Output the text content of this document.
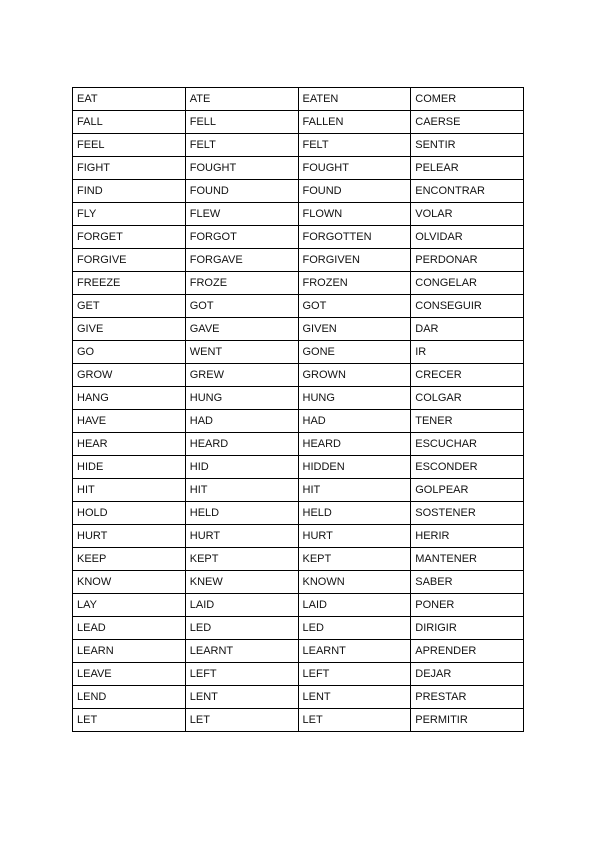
EAT	ATE	EATEN	COMER
FALL	FELL	FALLEN	CAERSE
FEEL	FELT	FELT	SENTIR
FIGHT	FOUGHT	FOUGHT	PELEAR
FIND	FOUND	FOUND	ENCONTRAR
FLY	FLEW	FLOWN	VOLAR
FORGET	FORGOT	FORGOTTEN	OLVIDAR
FORGIVE	FORGAVE	FORGIVEN	PERDONAR
FREEZE	FROZE	FROZEN	CONGELAR
GET	GOT	GOT	CONSEGUIR
GIVE	GAVE	GIVEN	DAR
GO	WENT	GONE	IR
GROW	GREW	GROWN	CRECER
HANG	HUNG	HUNG	COLGAR
HAVE	HAD	HAD	TENER
HEAR	HEARD	HEARD	ESCUCHAR
HIDE	HID	HIDDEN	ESCONDER
HIT	HIT	HIT	GOLPEAR
HOLD	HELD	HELD	SOSTENER
HURT	HURT	HURT	HERIR
KEEP	KEPT	KEPT	MANTENER
KNOW	KNEW	KNOWN	SABER
LAY	LAID	LAID	PONER
LEAD	LED	LED	DIRIGIR
LEARN	LEARNT	LEARNT	APRENDER
LEAVE	LEFT	LEFT	DEJAR
LEND	LENT	LENT	PRESTAR
LET	LET	LET	PERMITIR
